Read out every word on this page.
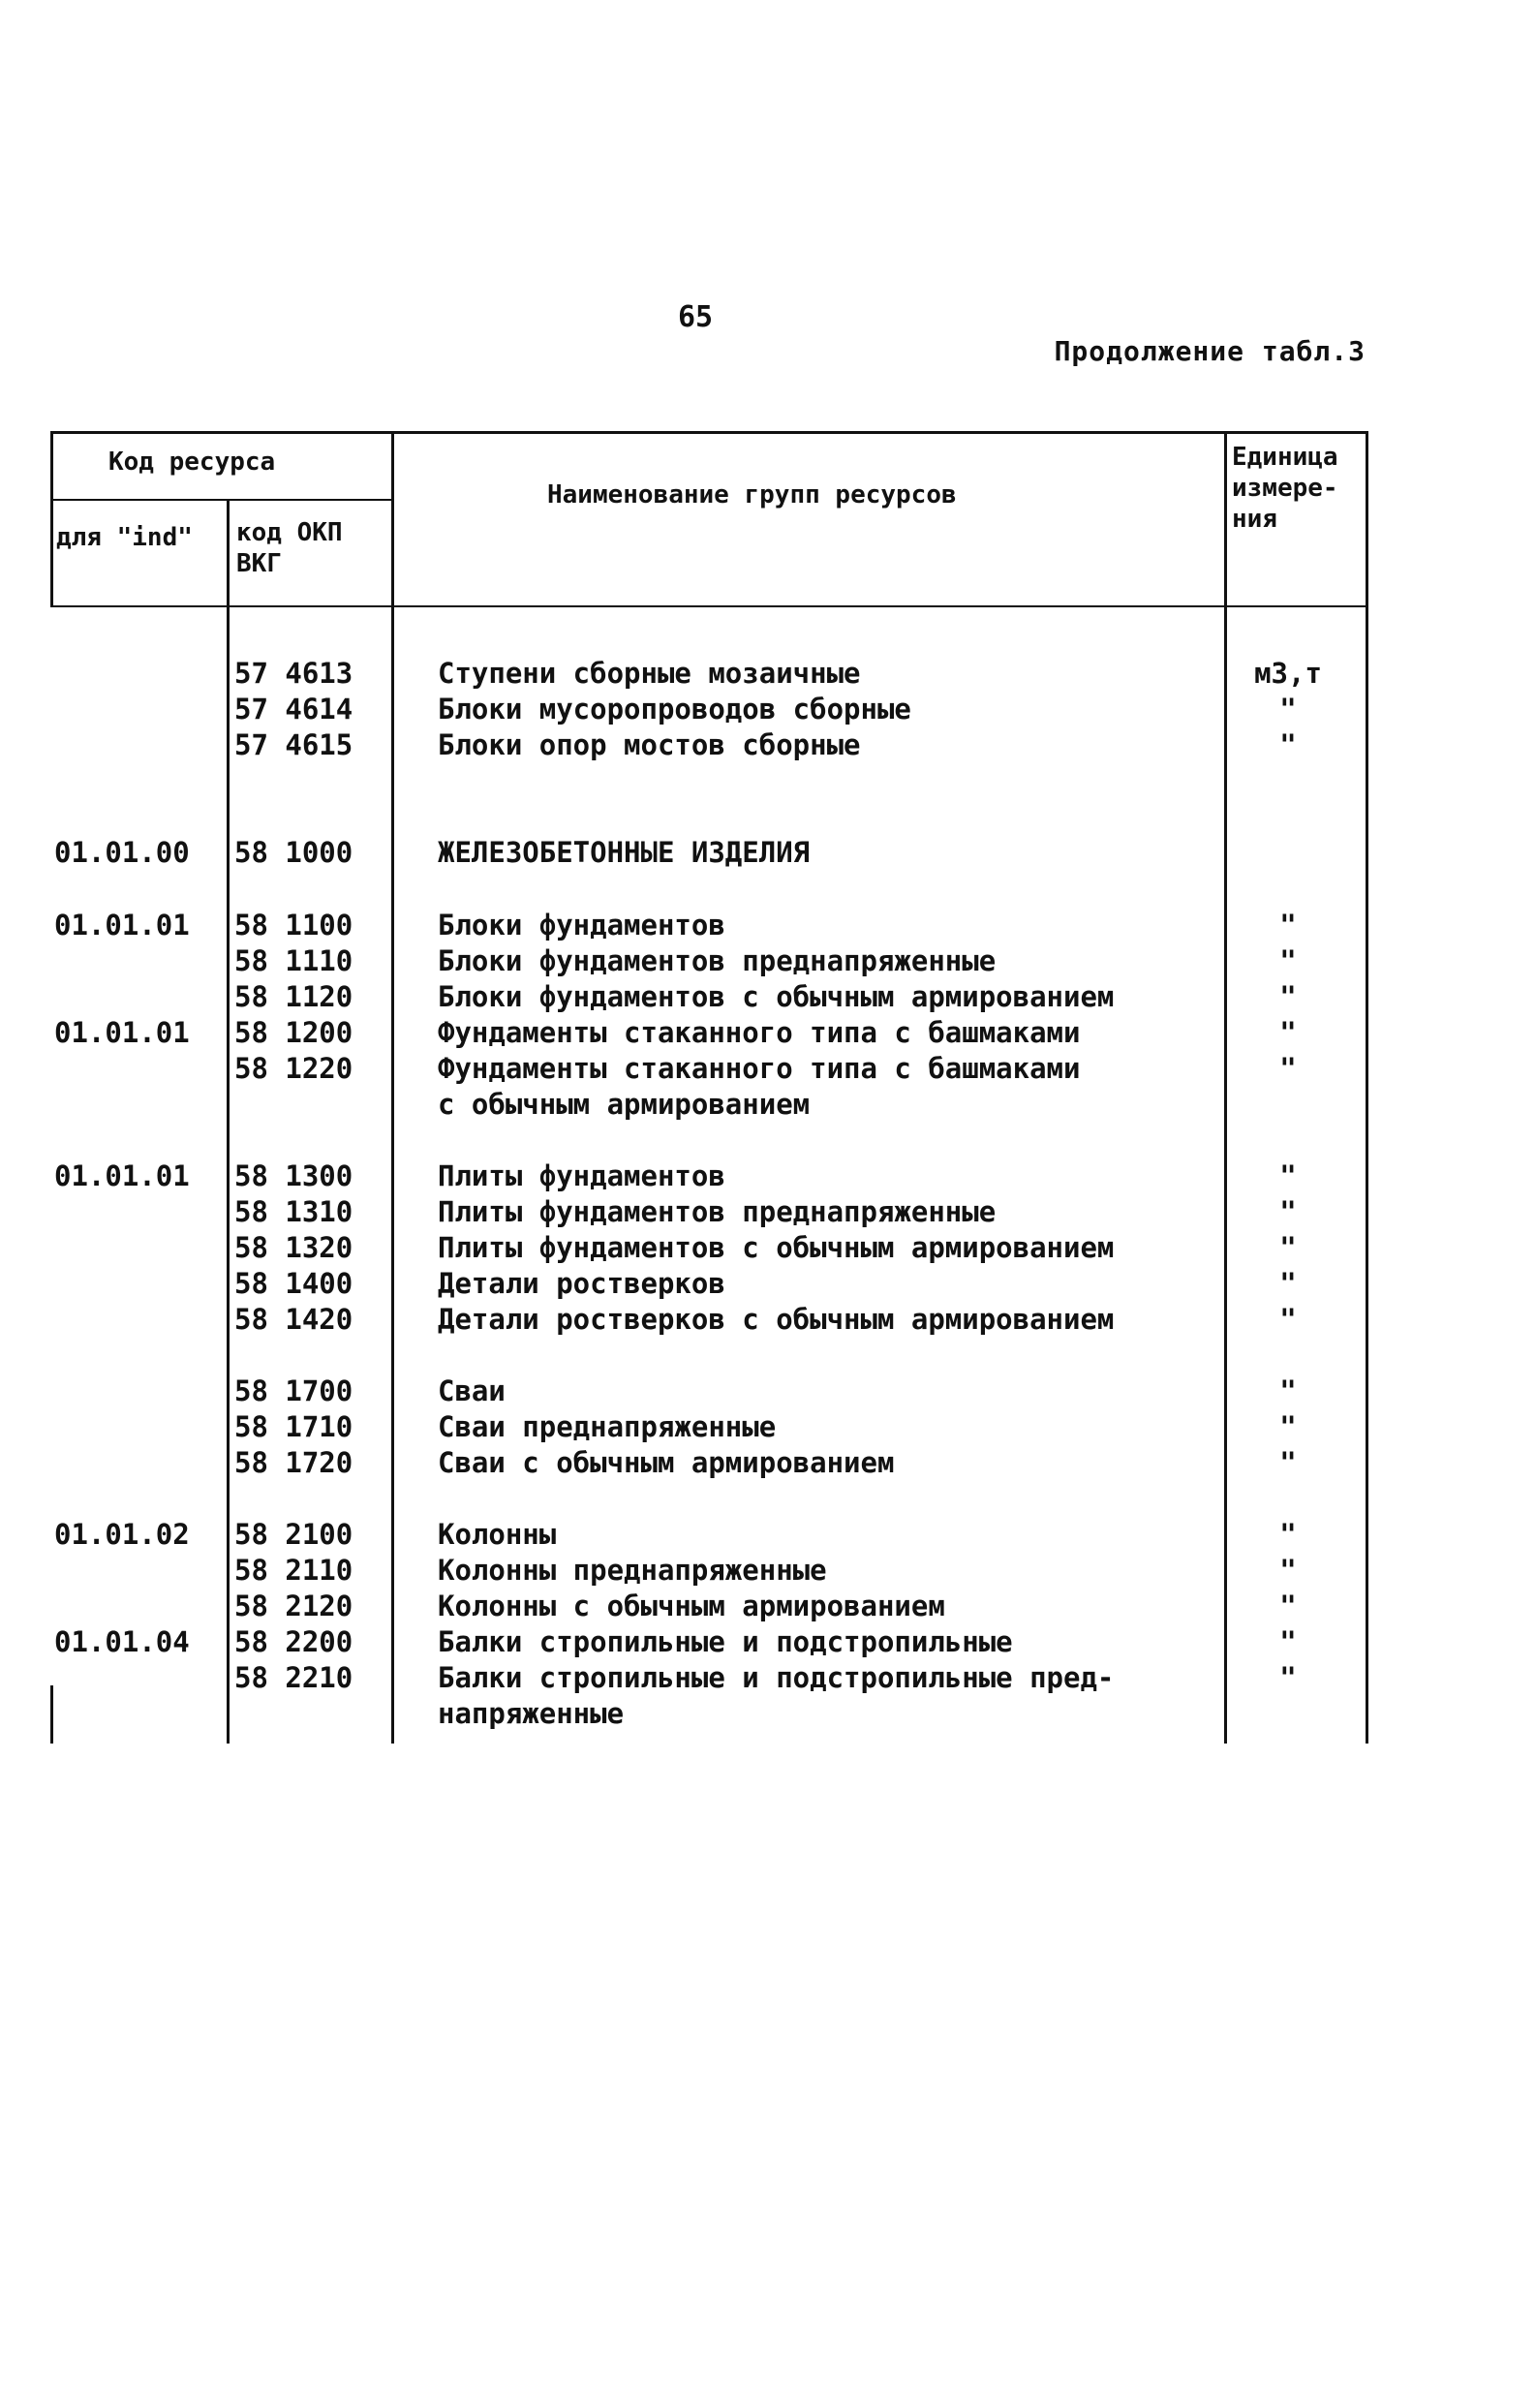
65
Продолжение табл.3
Код ресурса
для "ind" код ОКП
ВКГ
Наименование групп ресурсов
Единица
измере-
ния
57 4613	Ступени сборные мозаичные	м3,т
57 4614	Блоки мусоропроводов сборные	"
57 4615	Блоки опор мостов сборные	"
01.01.00 58 1000	ЖЕЛЕЗОБЕТОННЫЕ ИЗДЕЛИЯ
01.01.01 58 1100	Блоки фундаментов	"
58 1110	Блоки фундаментов преднапряженные	"
58 1120	Блоки фундаментов с обычным армированием	"
01.01.01 58 1200	Фундаменты стаканного типа с башмаками	"
58 1220	Фундаменты стаканного типа с башмаками	"
с обычным армированием
01.01.01 58 1300	Плиты фундаментов	"
58 1310	Плиты фундаментов преднапряженные	"
58 1320	Плиты фундаментов с обычным армированием	"
58 1400	Детали ростверков	"
58 1420	Детали ростверков с обычным армированием	"
58 1700	Сваи	"
58 1710	Сваи преднапряженные	"
58 1720	Сваи с обычным армированием	"
01.01.02 58 2100	Колонны	"
58 2110	Колонны преднапряженные	"
58 2120	Колонны с обычным армированием	"
01.01.04 58 2200	Балки стропильные и подстропильные	"
58 2210	Балки стропильные и подстропильные пред-	"
напряженные
